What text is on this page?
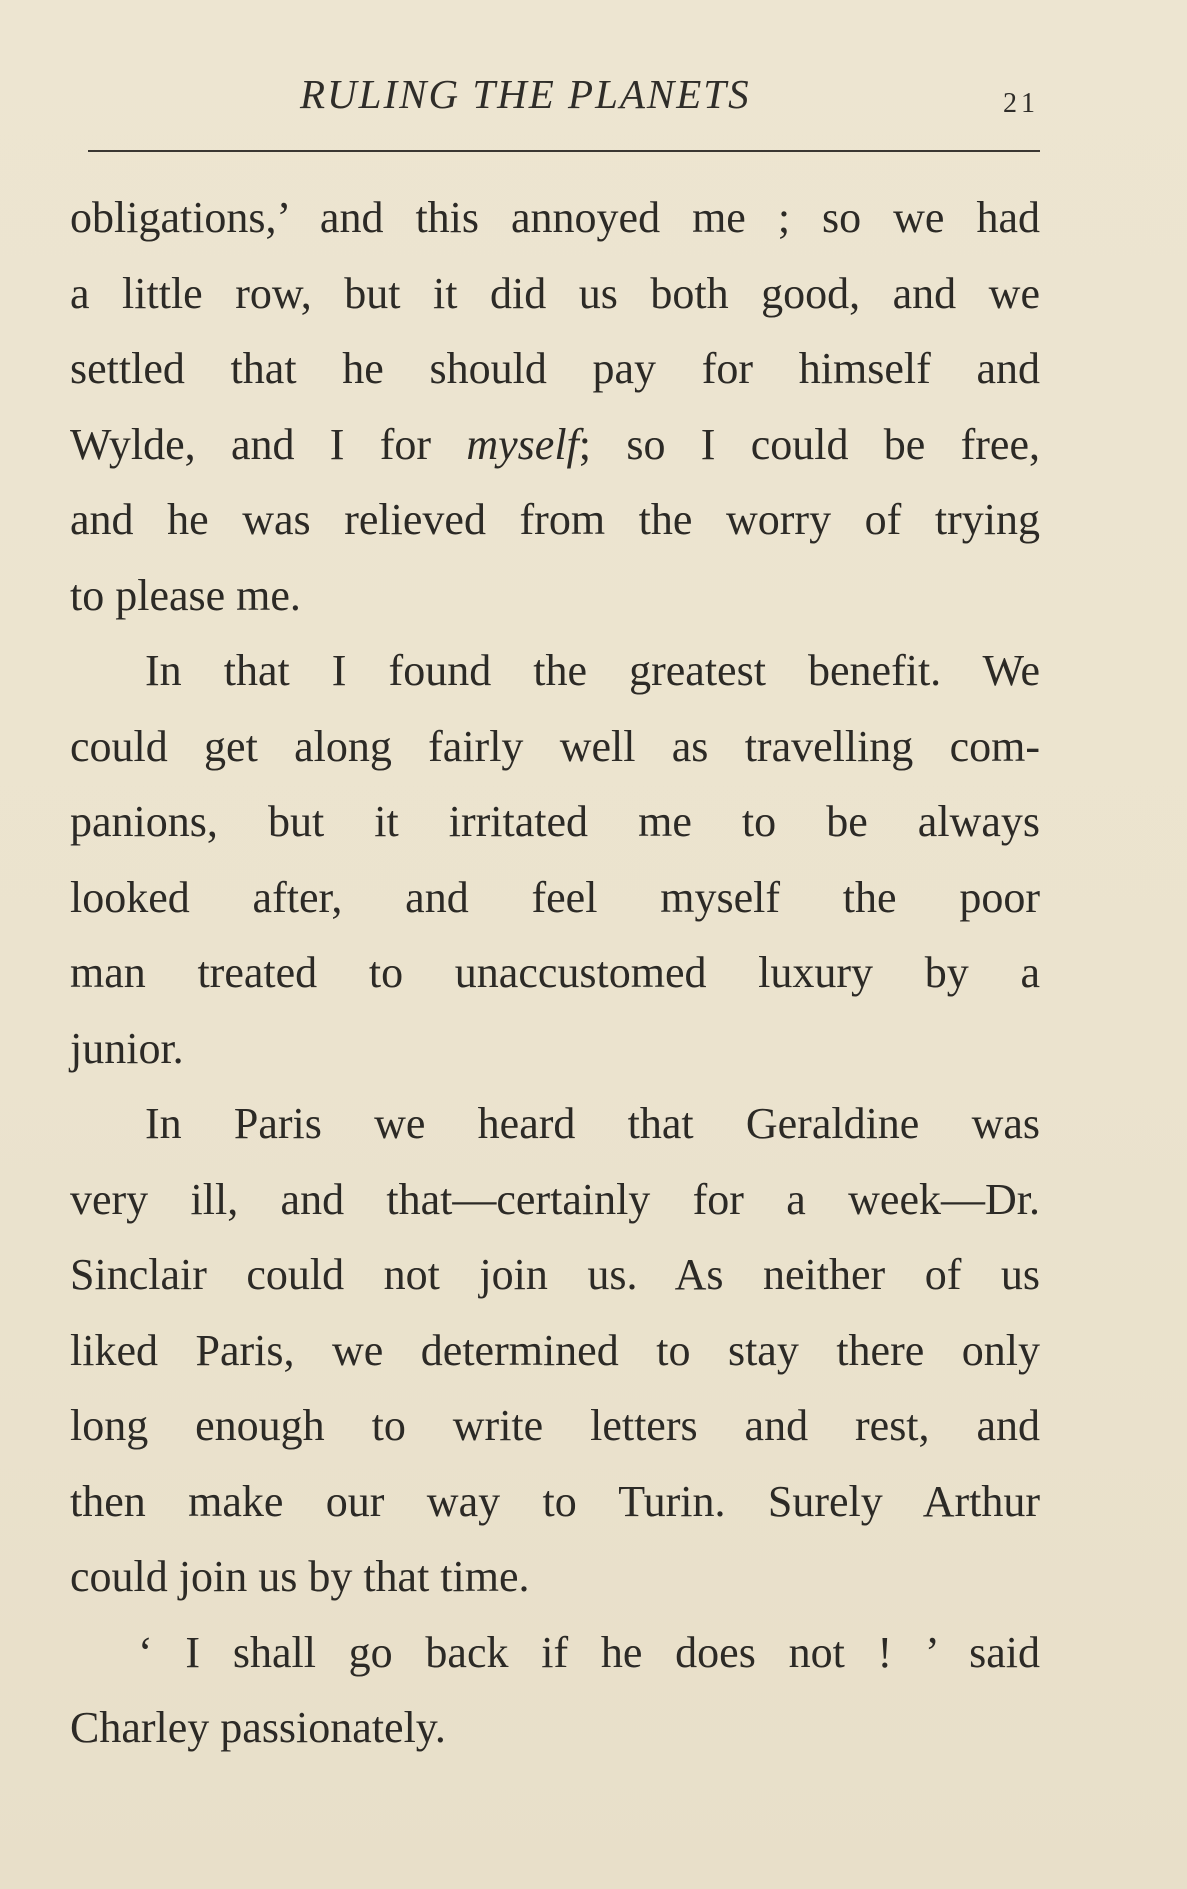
RULING THE PLANETS	21
obligations,’ and this annoyed me ; so we had
a little row, but it did us both good, and we
settled that he should pay for himself and
Wylde, and I for myself; so I could be free,
and he was relieved from the worry of trying
to please me.
In that I found the greatest benefit. We
could get along fairly well as travelling com-
panions, but it irritated me to be always
looked after, and feel myself the poor
man treated to unaccustomed luxury by a
junior.
In Paris we heard that Geraldine was
very ill, and that—certainly for a week—Dr.
Sinclair could not join us. As neither of us
liked Paris, we determined to stay there only
long enough to write letters and rest, and
then make our way to Turin. Surely Arthur
could join us by that time.
‘ I shall go back if he does not ! ’ said
Charley passionately.
